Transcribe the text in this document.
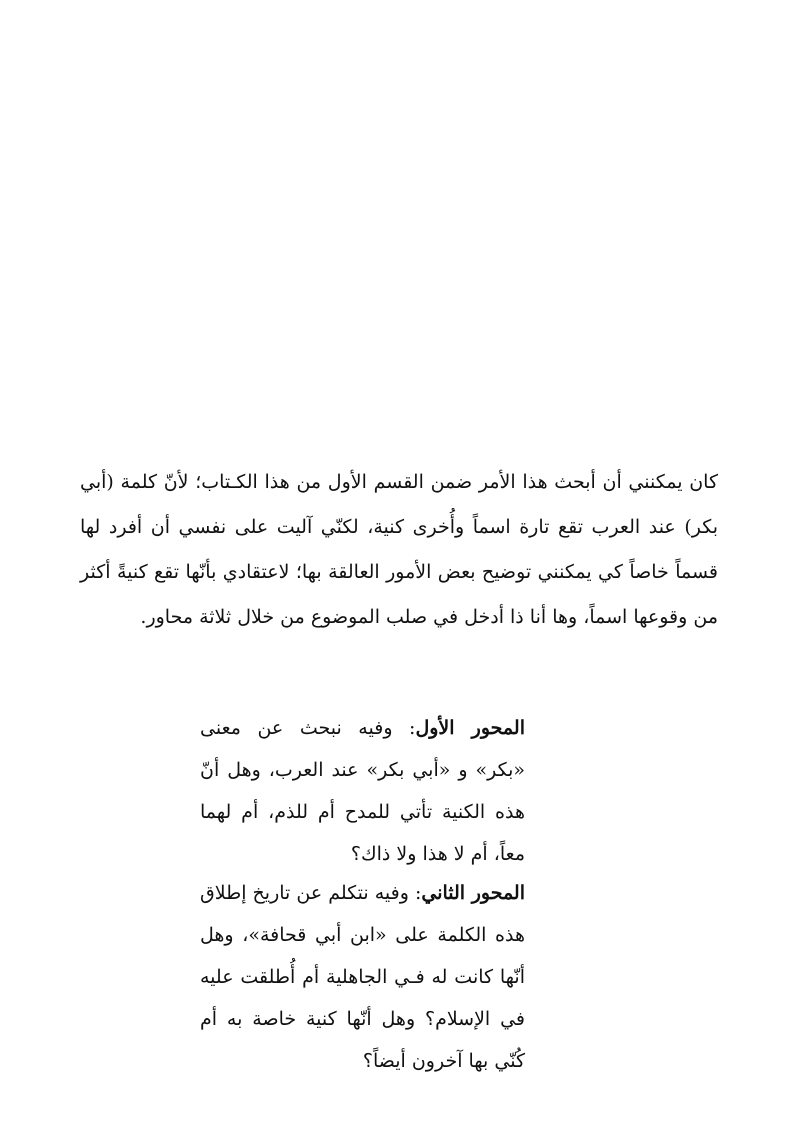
كان يمكنني أن أبحث هذا الأمر ضمن القسم الأول من هذا الكـتاب؛ لأنّ كلمة (أبي بكر) عند العرب تقع تارة اسماً وأُخرى كنية، لكنّي آليت على نفسي أن أفرد لها قسماً خاصاً كي يمكنني توضيح بعض الأمور العالقة بها؛ لاعتقادي بأنّها تقع كنيةً أكثر من وقوعها اسماً، وها أنا ذا أدخل في صلب الموضوع من خلال ثلاثة محاور.

المحور الأول: وفيه نبحث عن معنى «بكر» و «أبي بكر» عند العرب، وهل أنّ هذه الكنية تأتي للمدح أم للذم، أم لهما معاً، أم لا هذا ولا ذاك؟

المحور الثاني: وفيه نتكلم عن تاريخ إطلاق هذه الكلمة على «ابن أبي قحافة»، وهل أنّها كانت له فـي الجاهلية أم أُطلقت عليه في الإسلام؟ وهل أنّها كنية خاصة به أم كُنّي بها آخرون أيضاً؟
